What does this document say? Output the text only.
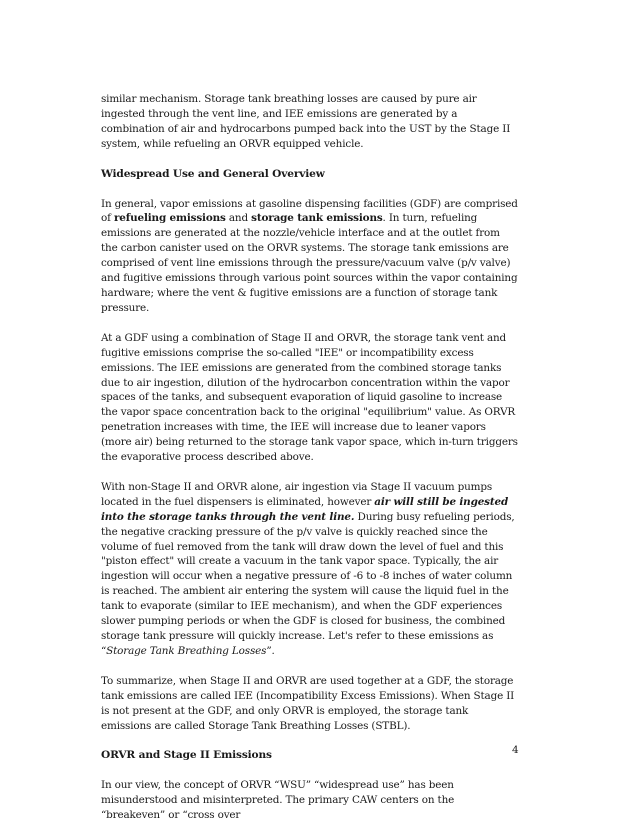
similar mechanism. Storage tank breathing losses are caused by pure air ingested through the vent line, and IEE emissions are generated by a combination of air and hydrocarbons pumped back into the UST by the Stage II system, while refueling an ORVR equipped vehicle.

Widespread Use and General Overview

In general, vapor emissions at gasoline dispensing facilities (GDF) are comprised of refueling emissions and storage tank emissions. In turn, refueling emissions are generated at the nozzle/vehicle interface and at the outlet from the carbon canister used on the ORVR systems. The storage tank emissions are comprised of vent line emissions through the pressure/vacuum valve (p/v valve) and fugitive emissions through various point sources within the vapor containing hardware; where the vent & fugitive emissions are a function of storage tank pressure.

At a GDF using a combination of Stage II and ORVR, the storage tank vent and fugitive emissions comprise the so-called "IEE" or incompatibility excess emissions. The IEE emissions are generated from the combined storage tanks due to air ingestion, dilution of the hydrocarbon concentration within the vapor spaces of the tanks, and subsequent evaporation of liquid gasoline to increase the vapor space concentration back to the original "equilibrium" value. As ORVR penetration increases with time, the IEE will increase due to leaner vapors (more air) being returned to the storage tank vapor space, which in-turn triggers the evaporative process described above.

With non-Stage II and ORVR alone, air ingestion via Stage II vacuum pumps located in the fuel dispensers is eliminated, however air will still be ingested into the storage tanks through the vent line. During busy refueling periods, the negative cracking pressure of the p/v valve is quickly reached since the volume of fuel removed from the tank will draw down the level of fuel and this "piston effect" will create a vacuum in the tank vapor space. Typically, the air ingestion will occur when a negative pressure of -6 to -8 inches of water column is reached. The ambient air entering the system will cause the liquid fuel in the tank to evaporate (similar to IEE mechanism), and when the GDF experiences slower pumping periods or when the GDF is closed for business, the combined storage tank pressure will quickly increase. Let's refer to these emissions as “Storage Tank Breathing Losses”.

To summarize, when Stage II and ORVR are used together at a GDF, the storage tank emissions are called IEE (Incompatibility Excess Emissions). When Stage II is not present at the GDF, and only ORVR is employed, the storage tank emissions are called Storage Tank Breathing Losses (STBL).

ORVR and Stage II Emissions

In our view, the concept of ORVR “WSU” “widespread use” has been misunderstood and misinterpreted. The primary CAW centers on the “breakeven” or “cross over

4
